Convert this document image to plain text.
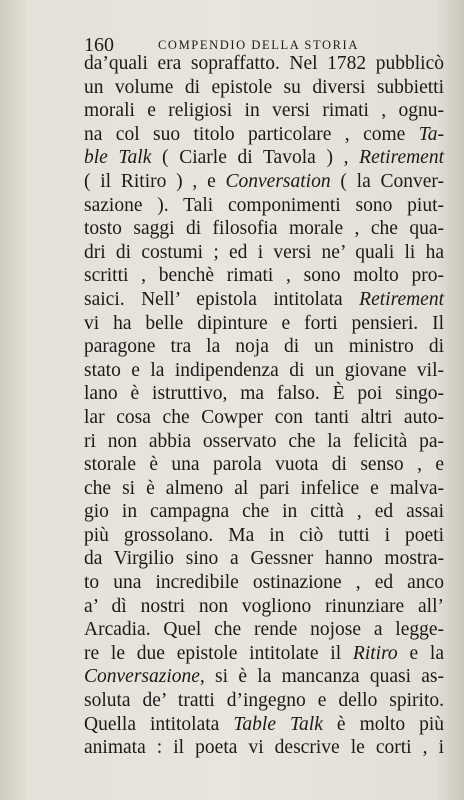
160	COMPENDIO DELLA STORIA
da’quali era sopraffatto. Nel 1782 pubblicò
un volume di epistole su diversi subbietti
morali e religiosi in versi rimati , ognu-
na col suo titolo particolare , come Ta-
ble Talk ( Ciarle di Tavola ) , Retirement
( il Ritiro ) , e Conversation ( la Conver-
sazione ). Tali componimenti sono piut-
tosto saggi di filosofia morale , che qua-
dri di costumi ; ed i versi ne’ quali li ha
scritti , benchè rimati , sono molto pro-
saici. Nell’ epistola intitolata Retirement
vi ha belle dipinture e forti pensieri. Il
paragone tra la noja di un ministro di
stato e la indipendenza di un giovane vil-
lano è istruttivo, ma falso. È poi singo-
lar cosa che Cowper con tanti altri auto-
ri non abbia osservato che la felicità pa-
storale è una parola vuota di senso , e
che si è almeno al pari infelice e malva-
gio in campagna che in città , ed assai
più grossolano. Ma in ciò tutti i poeti
da Virgilio sino a Gessner hanno mostra-
to una incredibile ostinazione , ed anco
a’ dì nostri non vogliono rinunziare all’
Arcadia. Quel che rende nojose a legge-
re le due epistole intitolate il Ritiro e la
Conversazione, si è la mancanza quasi as-
soluta de’ tratti d’ingegno e dello spirito.
Quella intitolata Table Talk è molto più
animata : il poeta vi descrive le corti , i
